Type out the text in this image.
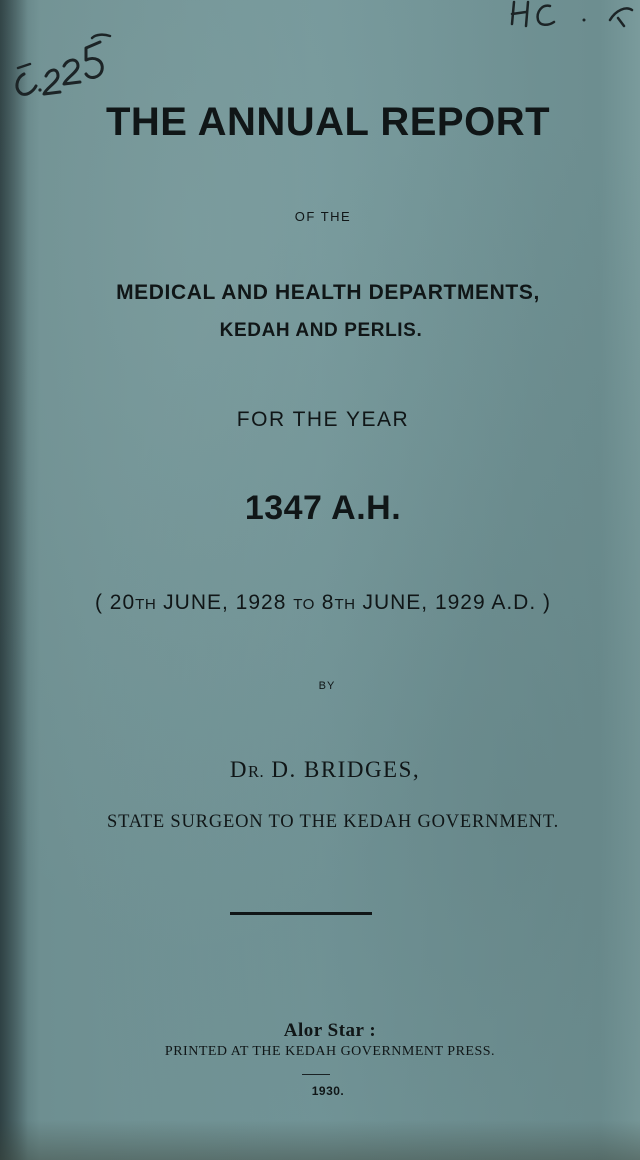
THE ANNUAL REPORT
OF THE
MEDICAL AND HEALTH DEPARTMENTS,
KEDAH AND PERLIS.
FOR THE YEAR
1347 A.H.
( 20TH JUNE, 1928 TO 8TH JUNE, 1929 A.D. )
BY
DR. D. BRIDGES,
STATE SURGEON TO THE KEDAH GOVERNMENT.
Alor Star :
PRINTED AT THE KEDAH GOVERNMENT PRESS.
1930.
